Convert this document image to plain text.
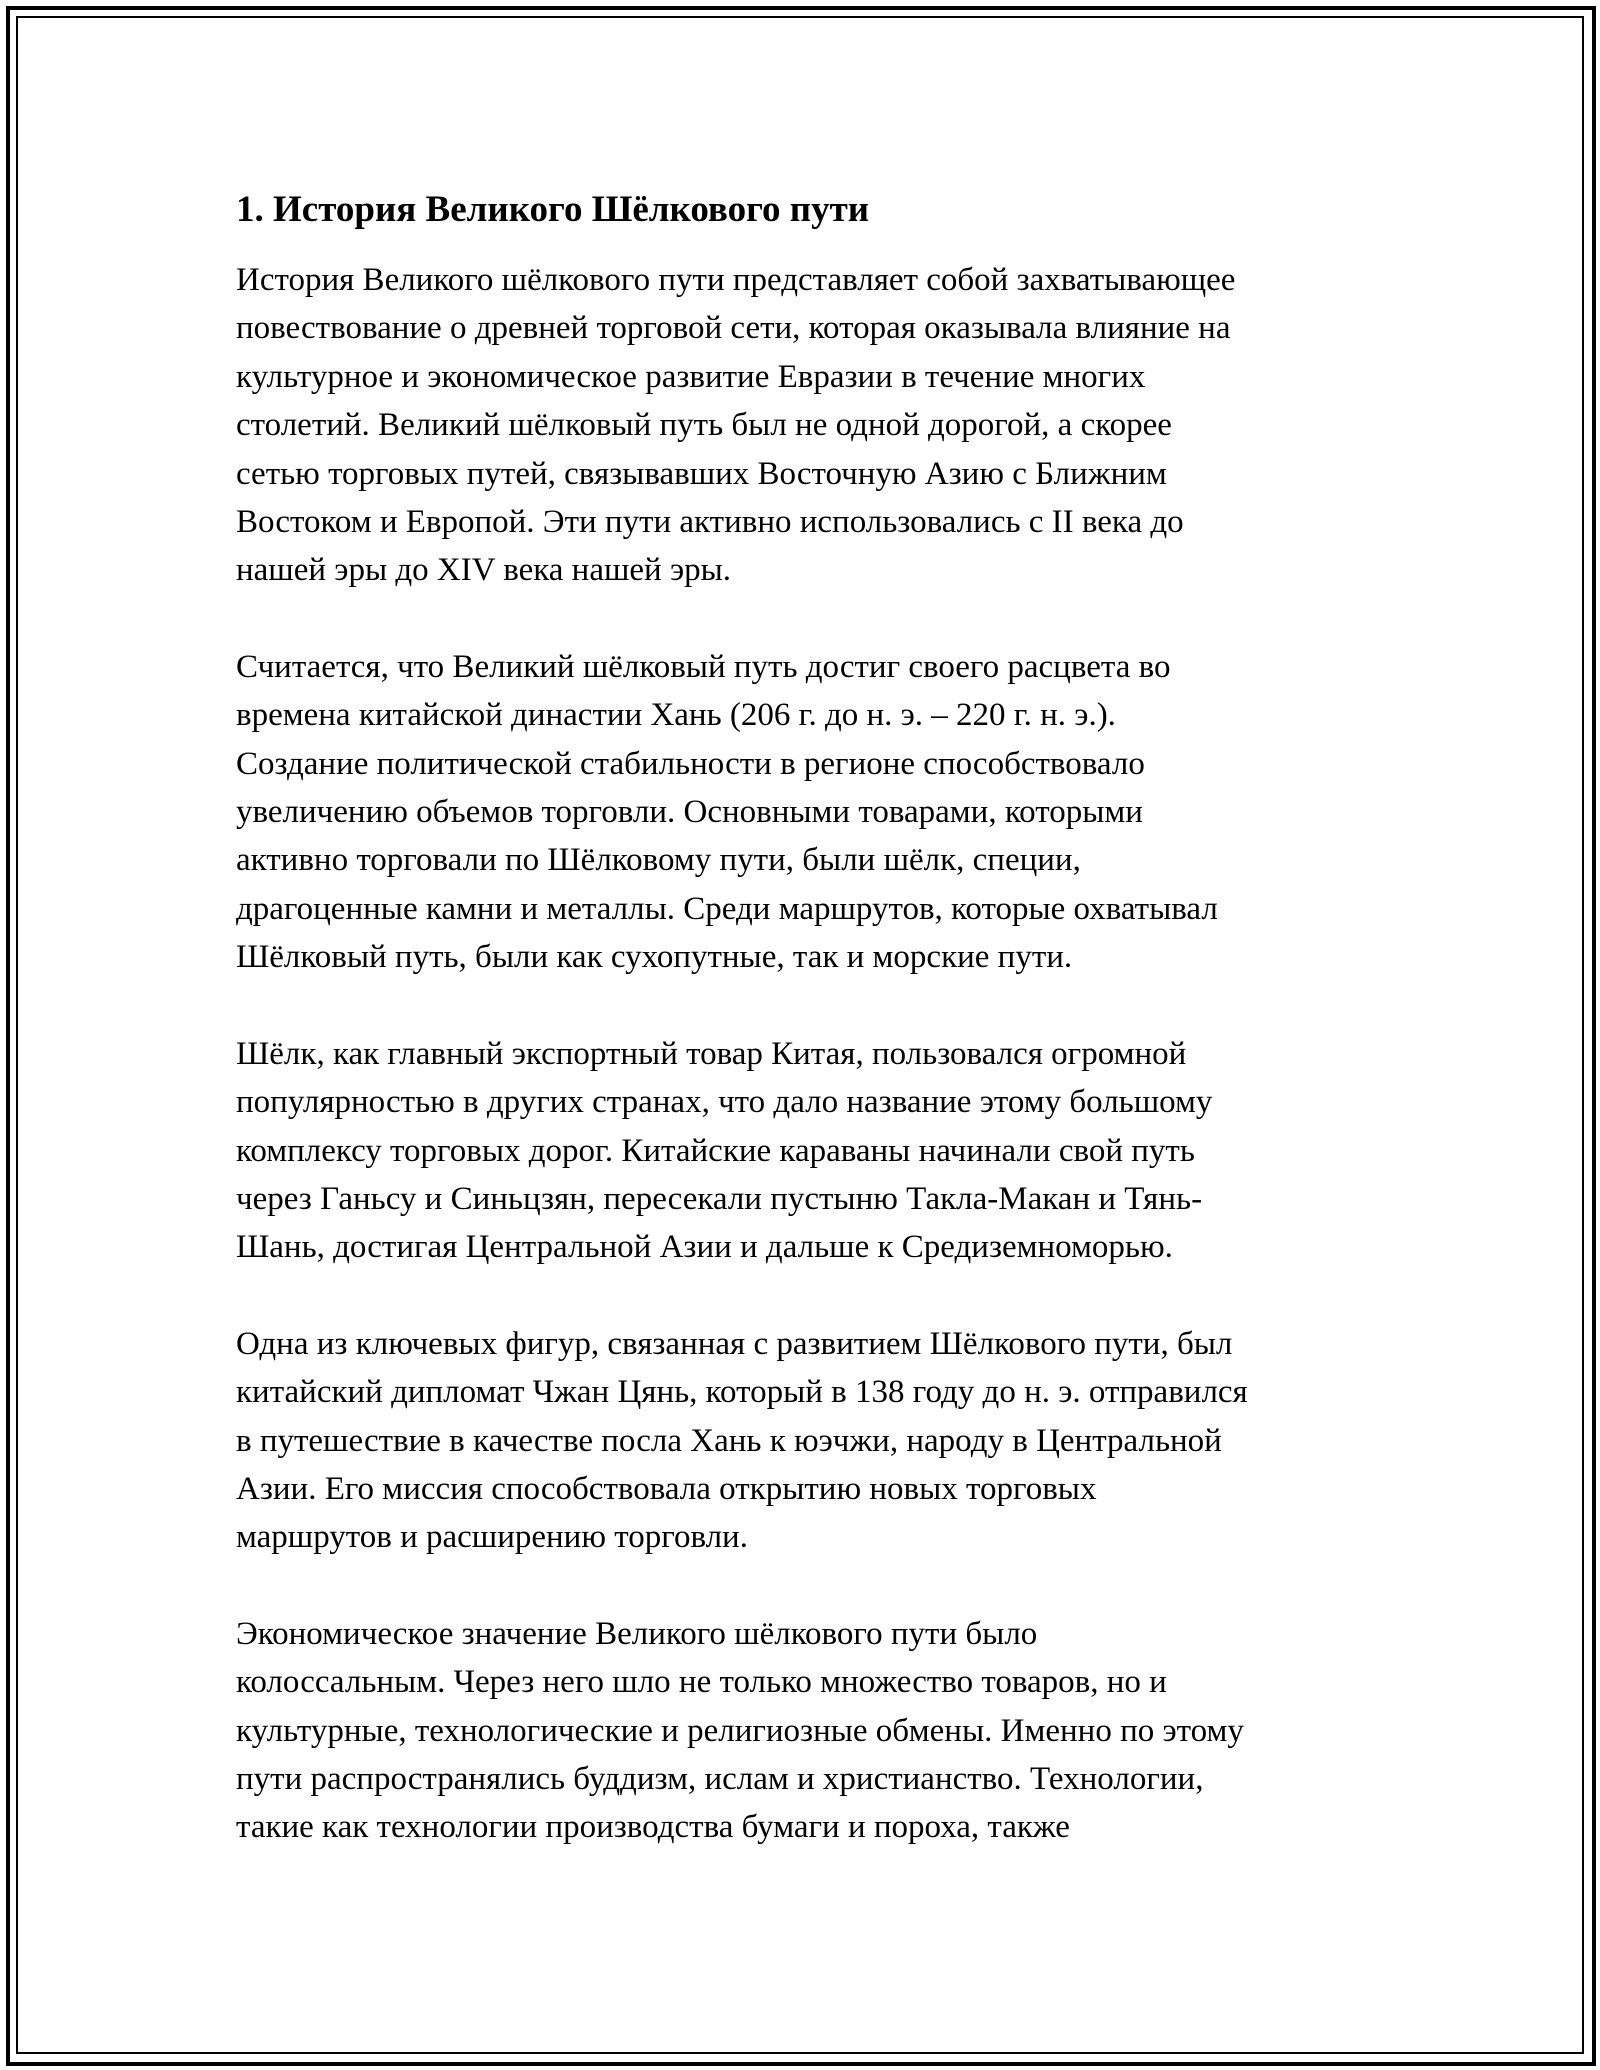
1. История Великого Шёлкового пути

История Великого шёлкового пути представляет собой захватывающее
повествование о древней торговой сети, которая оказывала влияние на
культурное и экономическое развитие Евразии в течение многих
столетий. Великий шёлковый путь был не одной дорогой, а скорее
сетью торговых путей, связывавших Восточную Азию с Ближним
Востоком и Европой. Эти пути активно использовались с II века до
нашей эры до XIV века нашей эры.

Считается, что Великий шёлковый путь достиг своего расцвета во
времена китайской династии Хань (206 г. до н. э. – 220 г. н. э.).
Создание политической стабильности в регионе способствовало
увеличению объемов торговли. Основными товарами, которыми
активно торговали по Шёлковому пути, были шёлк, специи,
драгоценные камни и металлы. Среди маршрутов, которые охватывал
Шёлковый путь, были как сухопутные, так и морские пути.

Шёлк, как главный экспортный товар Китая, пользовался огромной
популярностью в других странах, что дало название этому большому
комплексу торговых дорог. Китайские караваны начинали свой путь
через Ганьсу и Синьцзян, пересекали пустыню Такла-Макан и Тянь-
Шань, достигая Центральной Азии и дальше к Средиземноморью.

Одна из ключевых фигур, связанная с развитием Шёлкового пути, был
китайский дипломат Чжан Цянь, который в 138 году до н. э. отправился
в путешествие в качестве посла Хань к юэчжи, народу в Центральной
Азии. Его миссия способствовала открытию новых торговых
маршрутов и расширению торговли.

Экономическое значение Великого шёлкового пути было
колоссальным. Через него шло не только множество товаров, но и
культурные, технологические и религиозные обмены. Именно по этому
пути распространялись буддизм, ислам и христианство. Технологии,
такие как технологии производства бумаги и пороха, также
